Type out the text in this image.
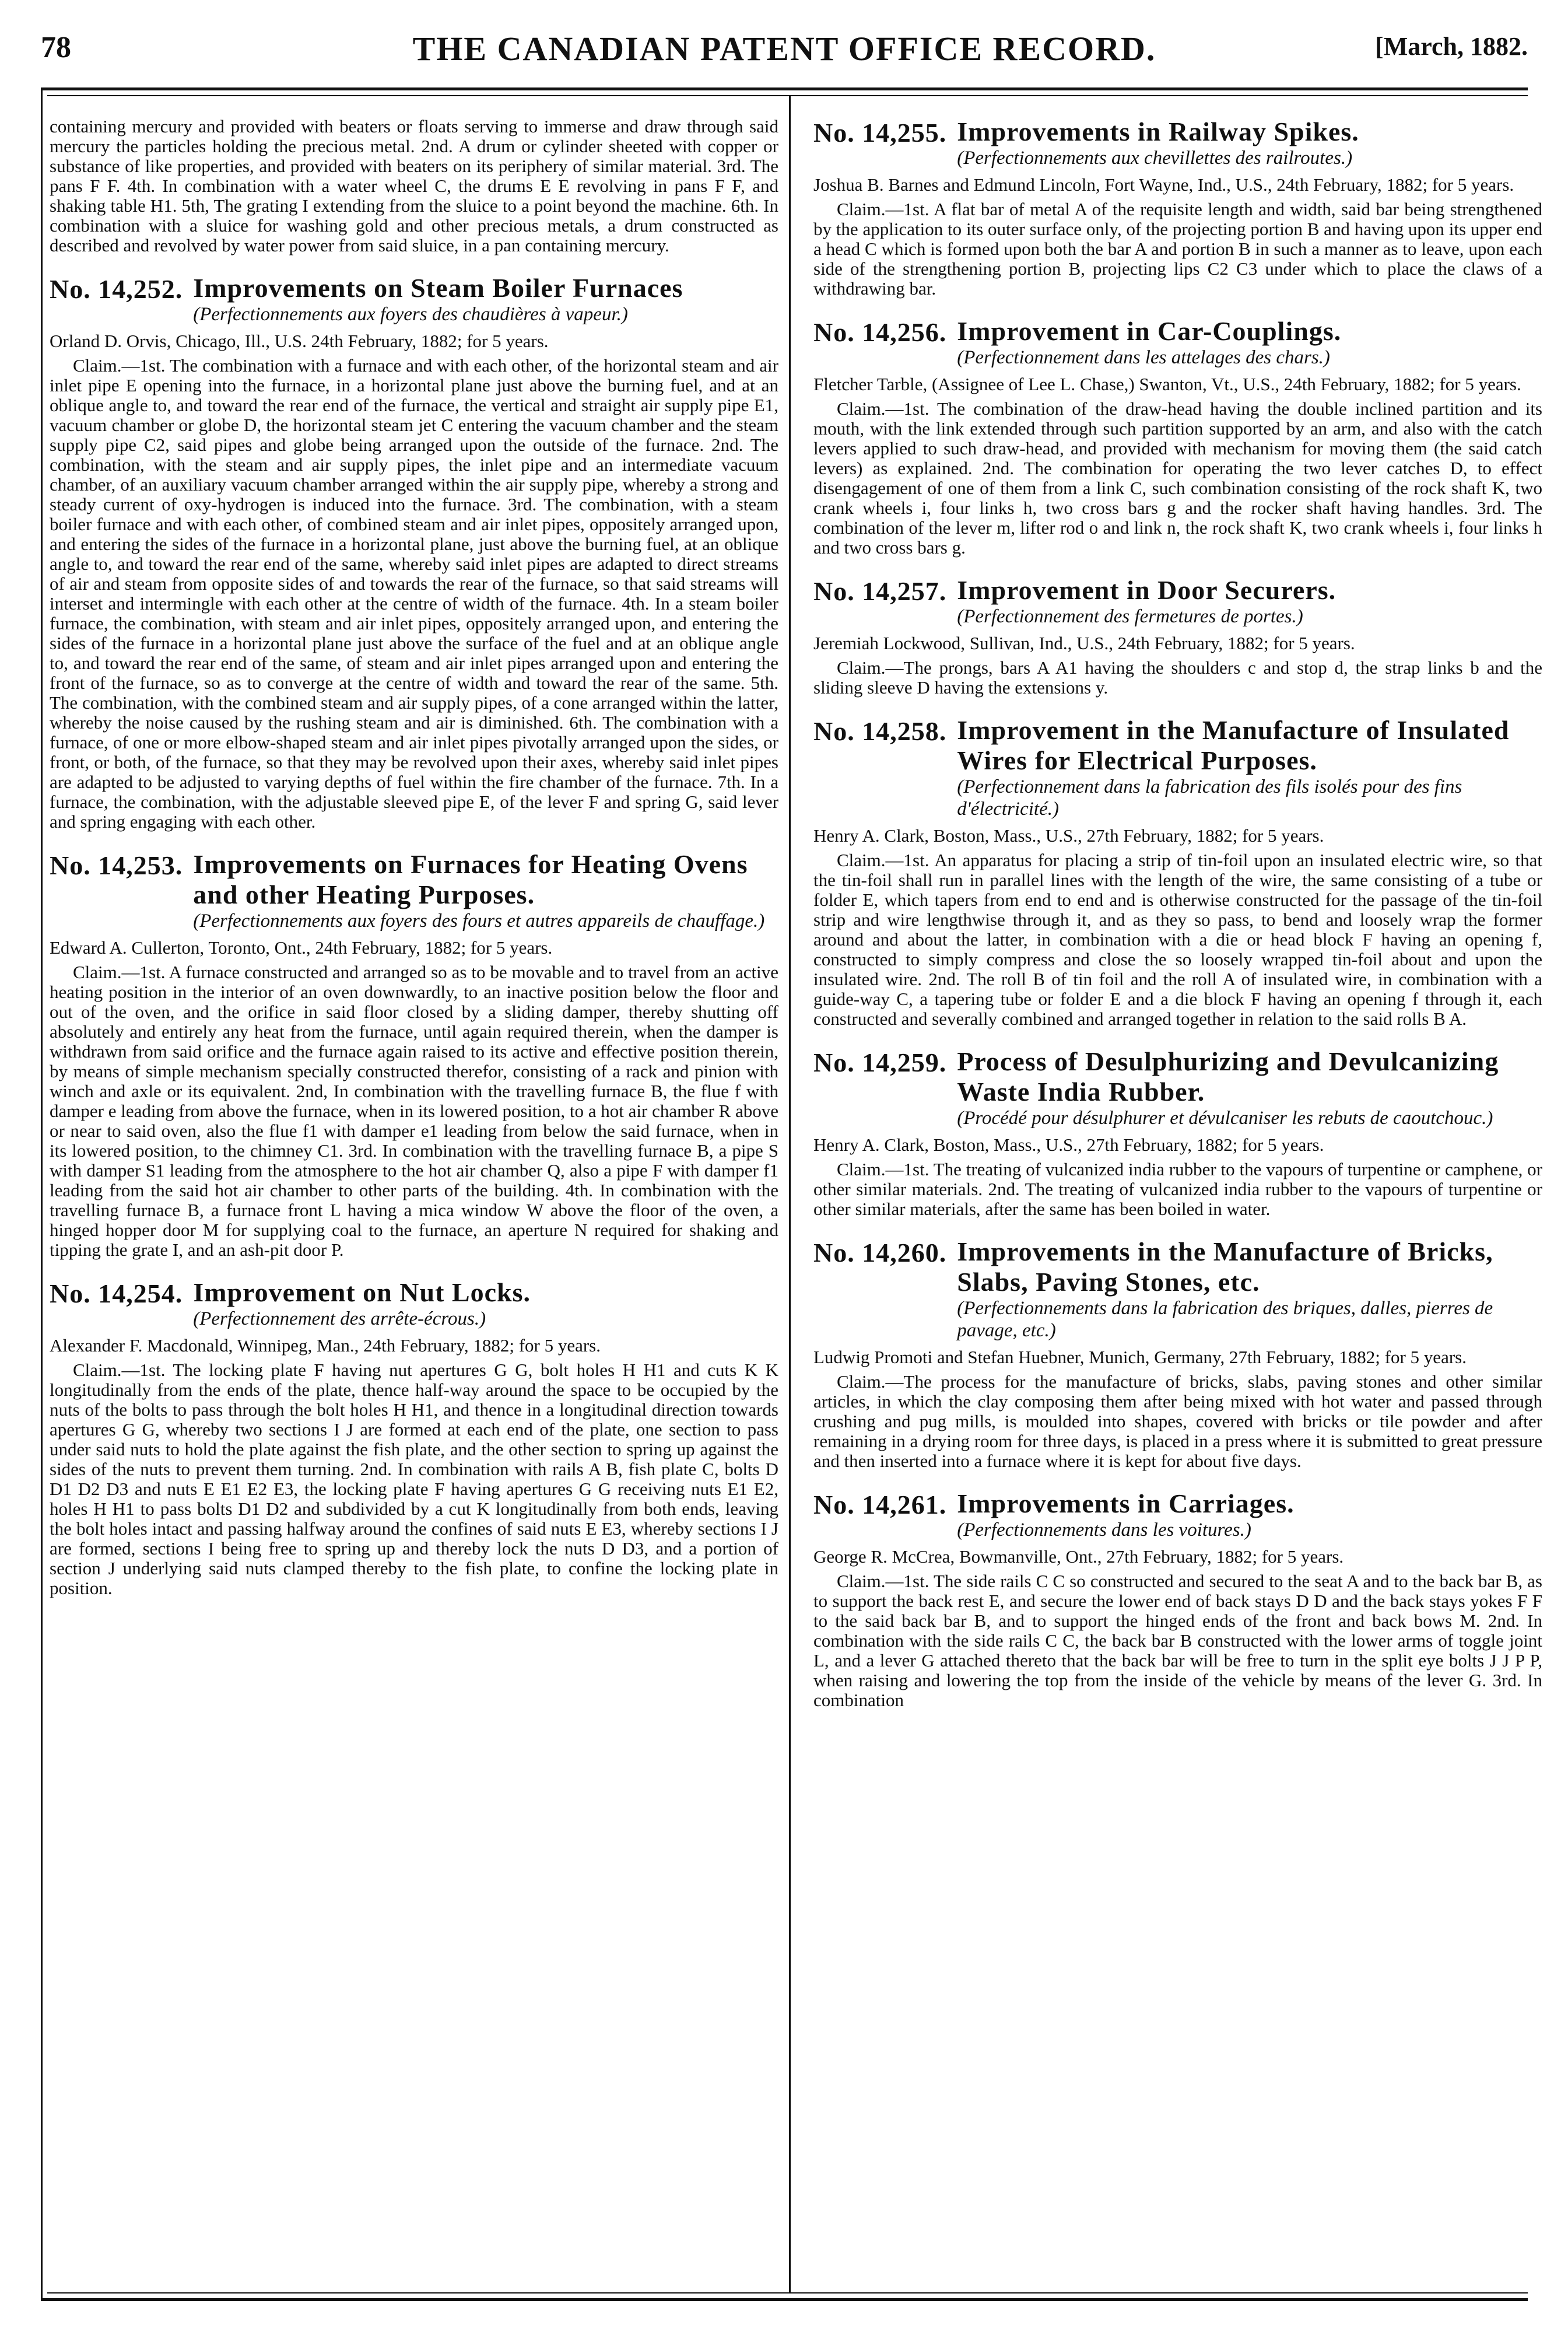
78	THE CANADIAN PATENT OFFICE RECORD.	[March, 1882.

containing mercury and provided with beaters or floats serving to immerse and draw through said mercury the particles holding the precious metal. 2nd. A drum or cylinder sheeted with copper or substance of like properties, and provided with beaters on its periphery of similar material. 3rd. The pans F F. 4th. In combination with a water wheel C, the drums E E revolving in pans F F, and shaking table H1. 5th, The grating I extending from the sluice to a point beyond the machine. 6th. In combination with a sluice for washing gold and other precious metals, a drum constructed as described and revolved by water power from said sluice, in a pan containing mercury.

No. 14,252. Improvements on Steam Boiler Furnaces
(Perfectionnements aux foyers des chaudières à vapeur.)
Orland D. Orvis, Chicago, Ill., U.S. 24th February, 1882; for 5 years.
Claim.—1st. The combination with a furnace and with each other, of the horizontal steam and air inlet pipe E opening into the furnace, in a horizontal plane just above the burning fuel, and at an oblique angle to, and toward the rear end of the furnace, the vertical and straight air supply pipe E1, vacuum chamber or globe D, the horizontal steam jet C entering the vacuum chamber and the steam supply pipe C2, said pipes and globe being arranged upon the outside of the furnace. 2nd. The combination, with the steam and air supply pipes, the inlet pipe and an intermediate vacuum chamber, of an auxiliary vacuum chamber arranged within the air supply pipe, whereby a strong and steady current of oxy-hydrogen is induced into the furnace. 3rd. The combination, with a steam boiler furnace and with each other, of combined steam and air inlet pipes, oppositely arranged upon, and entering the sides of the furnace in a horizontal plane, just above the burning fuel, at an oblique angle to, and toward the rear end of the same, whereby said inlet pipes are adapted to direct streams of air and steam from opposite sides of and towards the rear of the furnace, so that said streams will interset and intermingle with each other at the centre of width of the furnace. 4th. In a steam boiler furnace, the combination, with steam and air inlet pipes, oppositely arranged upon, and entering the sides of the furnace in a horizontal plane just above the surface of the fuel and at an oblique angle to, and toward the rear end of the same, of steam and air inlet pipes arranged upon and entering the front of the furnace, so as to converge at the centre of width and toward the rear of the same. 5th. The combination, with the combined steam and air supply pipes, of a cone arranged within the latter, whereby the noise caused by the rushing steam and air is diminished. 6th. The combination with a furnace, of one or more elbow-shaped steam and air inlet pipes pivotally arranged upon the sides, or front, or both, of the furnace, so that they may be revolved upon their axes, whereby said inlet pipes are adapted to be adjusted to varying depths of fuel within the fire chamber of the furnace. 7th. In a furnace, the combination, with the adjustable sleeved pipe E, of the lever F and spring G, said lever and spring engaging with each other.
No. 14,253. Improvements on Furnaces for Heating Ovens and other Heating Purposes.
(Perfectionnements aux foyers des fours et autres appareils de chauffage.)
Edward A. Cullerton, Toronto, Ont., 24th February, 1882; for 5 years.
Claim.—1st. A furnace constructed and arranged so as to be movable and to travel from an active heating position in the interior of an oven downwardly, to an inactive position below the floor and out of the oven, and the orifice in said floor closed by a sliding damper, thereby shutting off absolutely and entirely any heat from the furnace, until again required therein, when the damper is withdrawn from said orifice and the furnace again raised to its active and effective position therein, by means of simple mechanism specially constructed therefor, consisting of a rack and pinion with winch and axle or its equivalent. 2nd, In combination with the travelling furnace B, the flue f with damper e leading from above the furnace, when in its lowered position, to a hot air chamber R above or near to said oven, also the flue f1 with damper e1 leading from below the said furnace, when in its lowered position, to the chimney C1. 3rd. In combination with the travelling furnace B, a pipe S with damper S1 leading from the atmosphere to the hot air chamber Q, also a pipe F with damper f1 leading from the said hot air chamber to other parts of the building. 4th. In combination with the travelling furnace B, a furnace front L having a mica window W above the floor of the oven, a hinged hopper door M for supplying coal to the furnace, an aperture N required for shaking and tipping the grate I, and an ash-pit door P.
No. 14,254. Improvement on Nut Locks.
(Perfectionnement des arrête-écrous.)
Alexander F. Macdonald, Winnipeg, Man., 24th February, 1882; for 5 years.
Claim.—1st. The locking plate F having nut apertures G G, bolt holes H H1 and cuts K K longitudinally from the ends of the plate, thence half-way around the space to be occupied by the nuts of the bolts to pass through the bolt holes H H1, and thence in a longitudinal direction towards apertures G G, whereby two sections I J are formed at each end of the plate, one section to pass under said nuts to hold the plate against the fish plate, and the other section to spring up against the sides of the nuts to prevent them turning. 2nd. In combination with rails A B, fish plate C, bolts D D1 D2 D3 and nuts E E1 E2 E3, the locking plate F having apertures G G receiving nuts E1 E2, holes H H1 to pass bolts D1 D2 and subdivided by a cut K longitudinally from both ends, leaving the bolt holes intact and passing halfway around the confines of said nuts E E3, whereby sections I J are formed, sections I being free to spring up and thereby lock the nuts D D3, and a portion of section J underlying said nuts clamped thereby to the fish plate, to confine the locking plate in position.
No. 14,255. Improvements in Railway Spikes.
(Perfectionnements aux chevillettes des railroutes.)
Joshua B. Barnes and Edmund Lincoln, Fort Wayne, Ind., U.S., 24th February, 1882; for 5 years.
Claim.—1st. A flat bar of metal A of the requisite length and width, said bar being strengthened by the application to its outer surface only, of the projecting portion B and having upon its upper end a head C which is formed upon both the bar A and portion B in such a manner as to leave, upon each side of the strengthening portion B, projecting lips C2 C3 under which to place the claws of a withdrawing bar.
No. 14,256. Improvement in Car-Couplings.
(Perfectionnement dans les attelages des chars.)
Fletcher Tarble, (Assignee of Lee L. Chase,) Swanton, Vt., U.S., 24th February, 1882; for 5 years.
Claim.—1st. The combination of the draw-head having the double inclined partition and its mouth, with the link extended through such partition supported by an arm, and also with the catch levers applied to such draw-head, and provided with mechanism for moving them (the said catch levers) as explained. 2nd. The combination for operating the two lever catches D, to effect disengagement of one of them from a link C, such combination consisting of the rock shaft K, two crank wheels i, four links h, two cross bars g and the rocker shaft having handles. 3rd. The combination of the lever m, lifter rod o and link n, the rock shaft K, two crank wheels i, four links h and two cross bars g.
No. 14,257. Improvement in Door Securers.
(Perfectionnement des fermetures de portes.)
Jeremiah Lockwood, Sullivan, Ind., U.S., 24th February, 1882; for 5 years.
Claim.—The prongs, bars A A1 having the shoulders c and stop d, the strap links b and the sliding sleeve D having the extensions y.
No. 14,258. Improvement in the Manufacture of Insulated Wires for Electrical Purposes.
(Perfectionnement dans la fabrication des fils isolés pour des fins d'électricité.)
Henry A. Clark, Boston, Mass., U.S., 27th February, 1882; for 5 years.
Claim.—1st. An apparatus for placing a strip of tin-foil upon an insulated electric wire, so that the tin-foil shall run in parallel lines with the length of the wire, the same consisting of a tube or folder E, which tapers from end to end and is otherwise constructed for the passage of the tin-foil strip and wire lengthwise through it, and as they so pass, to bend and loosely wrap the former around and about the latter, in combination with a die or head block F having an opening f, constructed to simply compress and close the so loosely wrapped tin-foil about and upon the insulated wire. 2nd. The roll B of tin foil and the roll A of insulated wire, in combination with a guide-way C, a tapering tube or folder E and a die block F having an opening f through it, each constructed and severally combined and arranged together in relation to the said rolls B A.
No. 14,259. Process of Desulphurizing and Devulcanizing Waste India Rubber.
(Procédé pour désulphurer et dévulcaniser les rebuts de caoutchouc.)
Henry A. Clark, Boston, Mass., U.S., 27th February, 1882; for 5 years.
Claim.—1st. The treating of vulcanized india rubber to the vapours of turpentine or camphene, or other similar materials. 2nd. The treating of vulcanized india rubber to the vapours of turpentine or other similar materials, after the same has been boiled in water.
No. 14,260. Improvements in the Manufacture of Bricks, Slabs, Paving Stones, etc.
(Perfectionnements dans la fabrication des briques, dalles, pierres de pavage, etc.)
Ludwig Promoti and Stefan Huebner, Munich, Germany, 27th February, 1882; for 5 years.
Claim.—The process for the manufacture of bricks, slabs, paving stones and other similar articles, in which the clay composing them after being mixed with hot water and passed through crushing and pug mills, is moulded into shapes, covered with bricks or tile powder and after remaining in a drying room for three days, is placed in a press where it is submitted to great pressure and then inserted into a furnace where it is kept for about five days.
No. 14,261. Improvements in Carriages.
(Perfectionnements dans les voitures.)
George R. McCrea, Bowmanville, Ont., 27th February, 1882; for 5 years.
Claim.—1st. The side rails C C so constructed and secured to the seat A and to the back bar B, as to support the back rest E, and secure the lower end of back stays D D and the back stays yokes F F to the said back bar B, and to support the hinged ends of the front and back bows M. 2nd. In combination with the side rails C C, the back bar B constructed with the lower arms of toggle joint L, and a lever G attached thereto that the back bar will be free to turn in the split eye bolts J J P P, when raising and lowering the top from the inside of the vehicle by means of the lever G. 3rd. In combination
